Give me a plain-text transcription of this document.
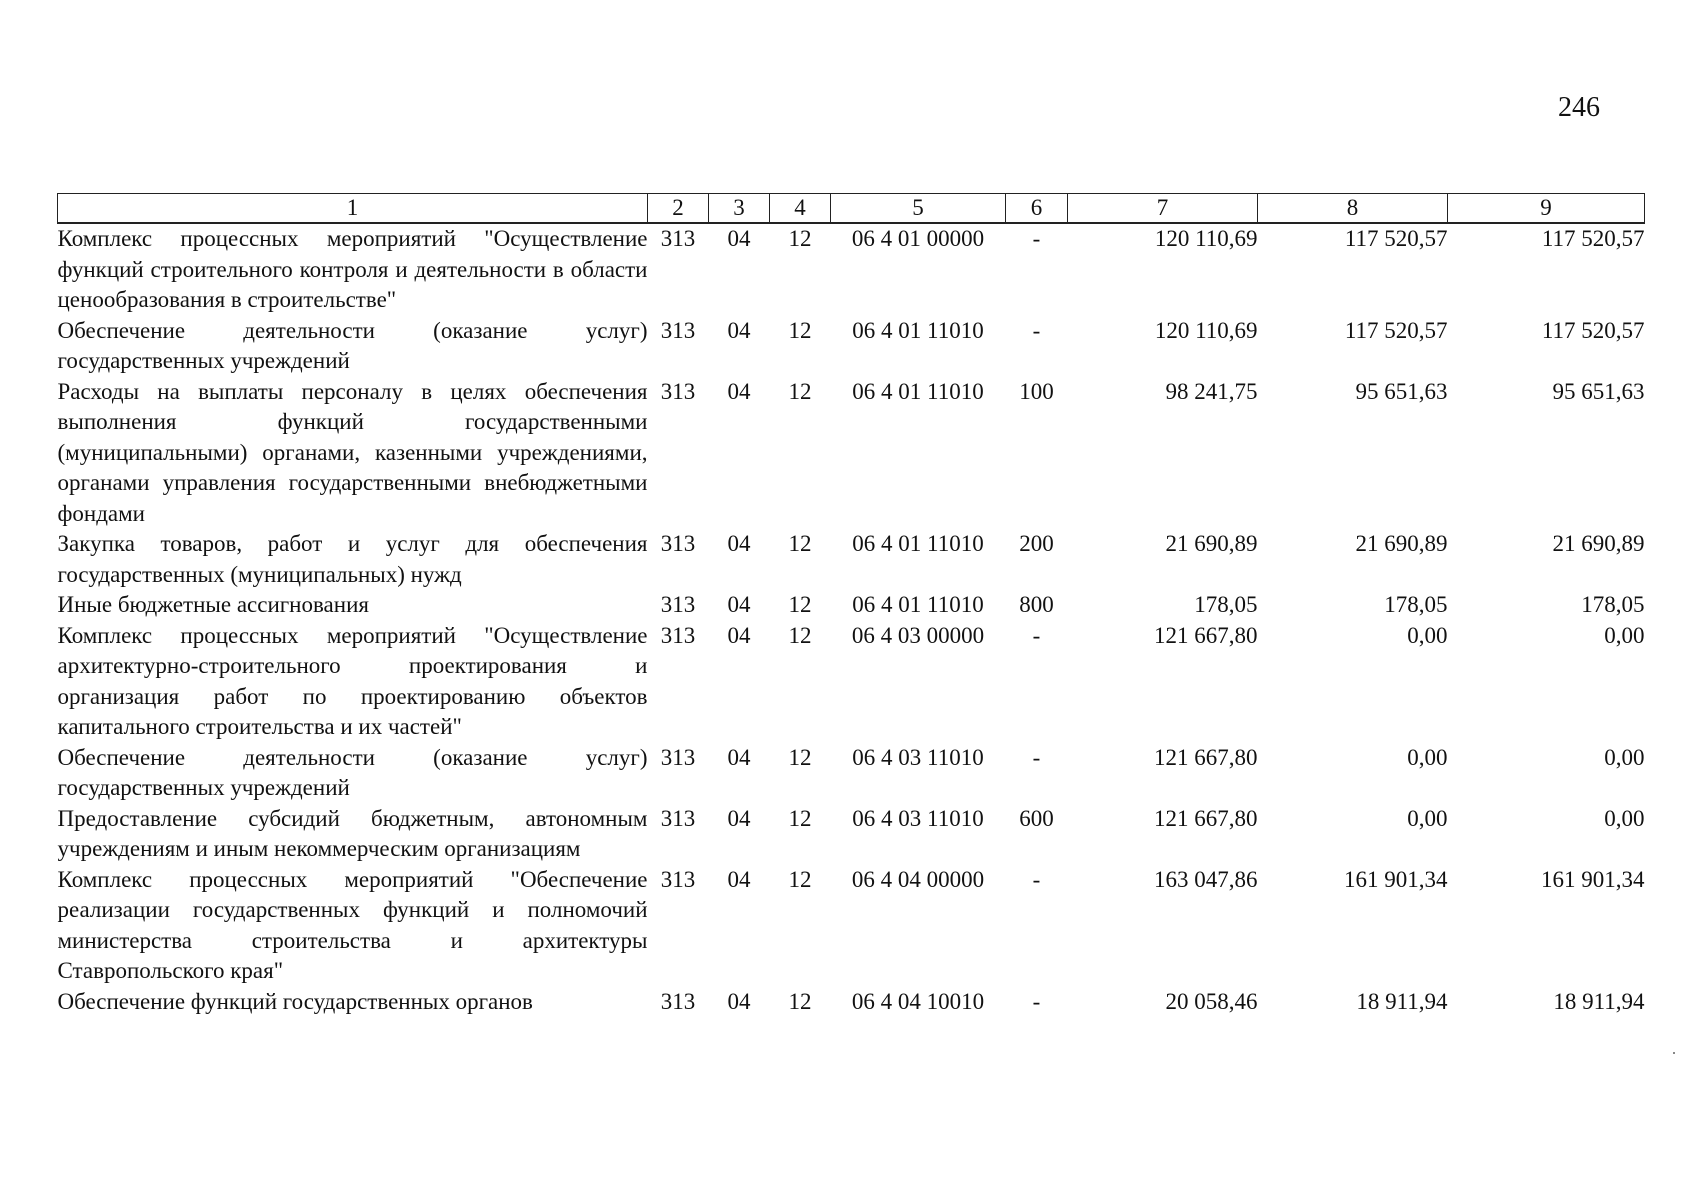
246
1	2	3	4	5	6	7	8	9
Комплекс процессных мероприятий "Осуществление функций строительного контроля и деятельности в области ценообразования в строительстве"	313	04	12	06 4 01 00000	-	120 110,69	117 520,57	117 520,57
Обеспечение деятельности (оказание услуг) государственных учреждений	313	04	12	06 4 01 11010	-	120 110,69	117 520,57	117 520,57
Расходы на выплаты персоналу в целях обеспечения выполнения функций государственными (муниципальными) органами, казенными учреждениями, органами управления государственными внебюджетными фондами	313	04	12	06 4 01 11010	100	98 241,75	95 651,63	95 651,63
Закупка товаров, работ и услуг для обеспечения государственных (муниципальных) нужд	313	04	12	06 4 01 11010	200	21 690,89	21 690,89	21 690,89
Иные бюджетные ассигнования	313	04	12	06 4 01 11010	800	178,05	178,05	178,05
Комплекс процессных мероприятий "Осуществление архитектурно-строительного проектирования и организация работ по проектированию объектов капитального строительства и их частей"	313	04	12	06 4 03 00000	-	121 667,80	0,00	0,00
Обеспечение деятельности (оказание услуг) государственных учреждений	313	04	12	06 4 03 11010	-	121 667,80	0,00	0,00
Предоставление субсидий бюджетным, автономным учреждениям и иным некоммерческим организациям	313	04	12	06 4 03 11010	600	121 667,80	0,00	0,00
Комплекс процессных мероприятий "Обеспечение реализации государственных функций и полномочий министерства строительства и архитектуры Ставропольского края"	313	04	12	06 4 04 00000	-	163 047,86	161 901,34	161 901,34
Обеспечение функций государственных органов	313	04	12	06 4 04 10010	-	20 058,46	18 911,94	18 911,94
